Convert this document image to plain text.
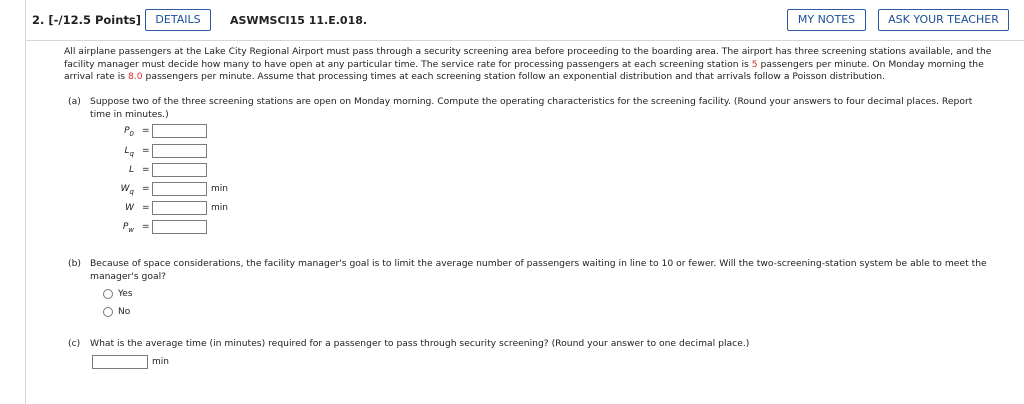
2. [-/12.5 Points]	DETAILS	ASWMSCI15 11.E.018.	MY NOTES	ASK YOUR TEACHER
All airplane passengers at the Lake City Regional Airport must pass through a security screening area before proceeding to the boarding area. The airport has three screening stations available, and the facility manager must decide how many to have open at any particular time. The service rate for processing passengers at each screening station is 5 passengers per minute. On Monday morning the arrival rate is 8.0 passengers per minute. Assume that processing times at each screening station follow an exponential distribution and that arrivals follow a Poisson distribution.
(a) Suppose two of the three screening stations are open on Monday morning. Compute the operating characteristics for the screening facility. (Round your answers to four decimal places. Report time in minutes.)
$P_0$ =
$L_q$ =
L =
$W_q$ =	min
W =	min
$P_w$ =
(b) Because of space considerations, the facility manager's goal is to limit the average number of passengers waiting in line to 10 or fewer. Will the two-screening-station system be able to meet the manager's goal?
Yes
No
(c) What is the average time (in minutes) required for a passenger to pass through security screening? (Round your answer to one decimal place.)
min
